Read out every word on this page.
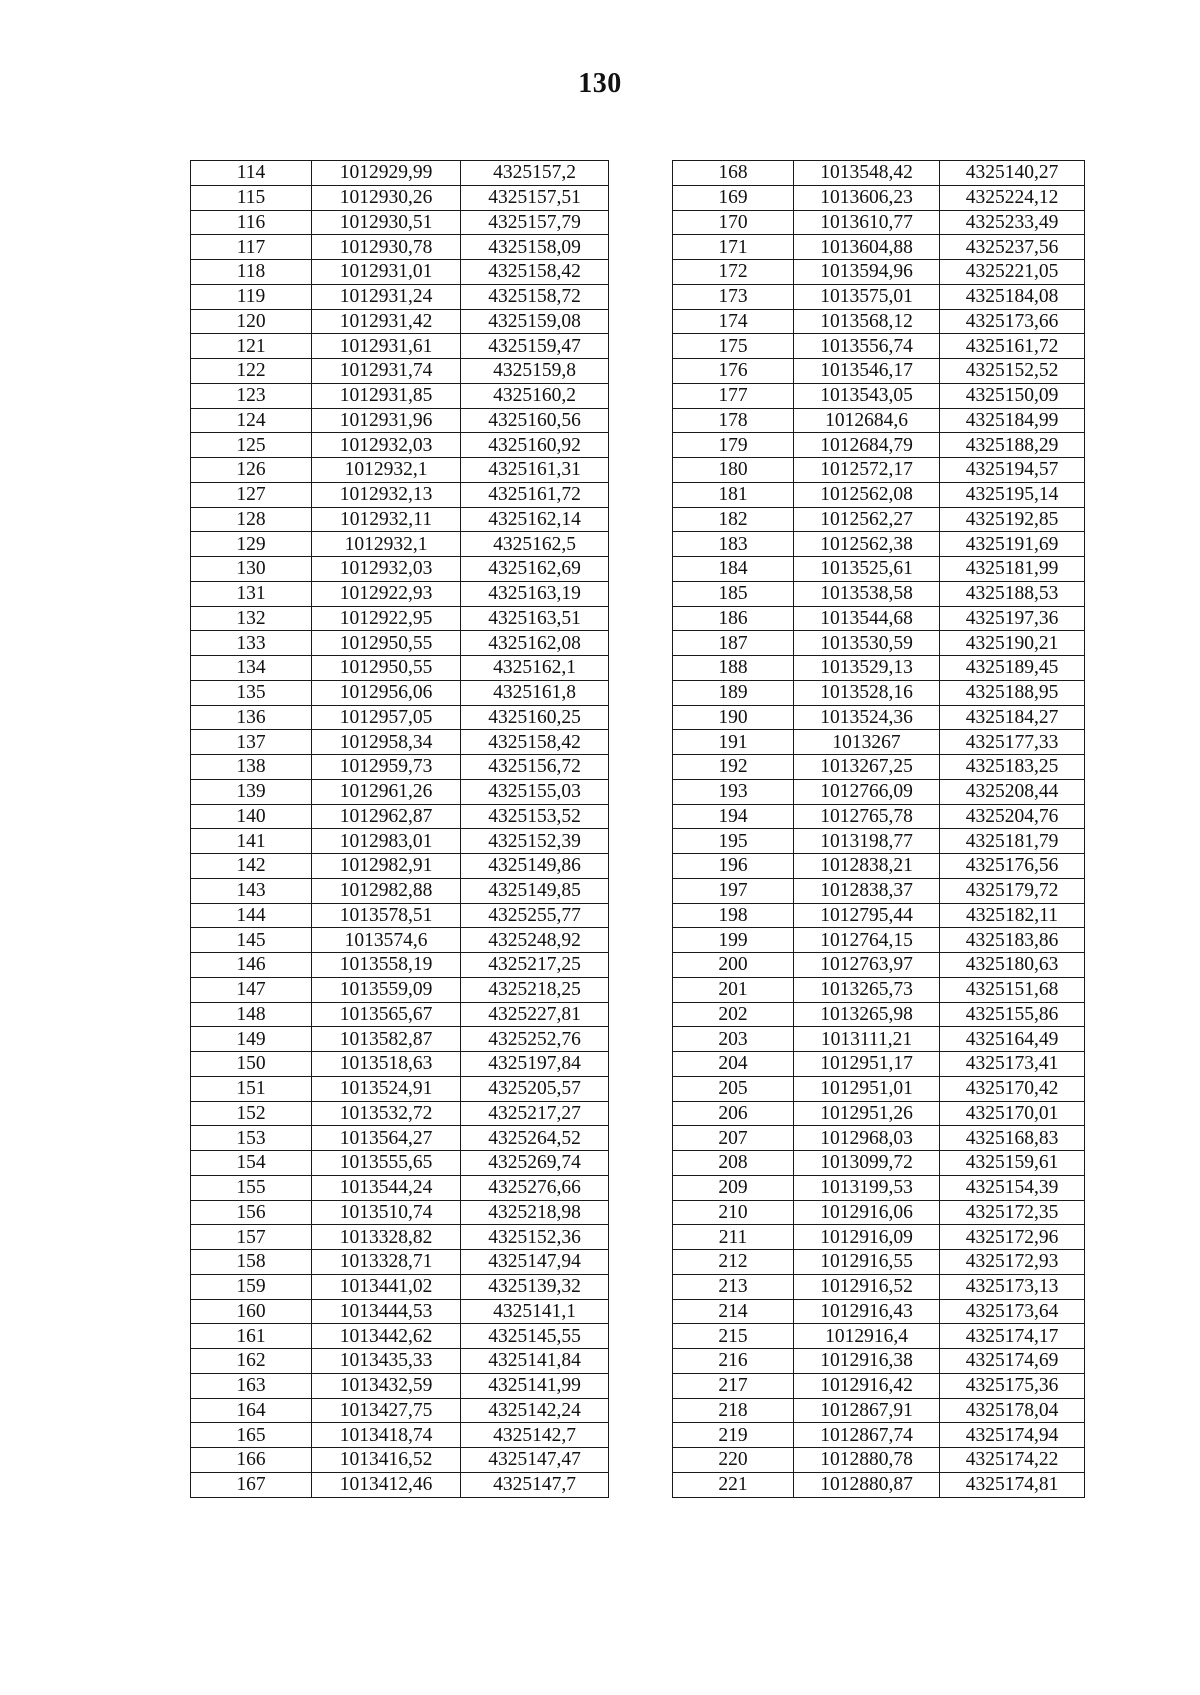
130
114	1012929,99	4325157,2
115	1012930,26	4325157,51
116	1012930,51	4325157,79
117	1012930,78	4325158,09
118	1012931,01	4325158,42
119	1012931,24	4325158,72
120	1012931,42	4325159,08
121	1012931,61	4325159,47
122	1012931,74	4325159,8
123	1012931,85	4325160,2
124	1012931,96	4325160,56
125	1012932,03	4325160,92
126	1012932,1	4325161,31
127	1012932,13	4325161,72
128	1012932,11	4325162,14
129	1012932,1	4325162,5
130	1012932,03	4325162,69
131	1012922,93	4325163,19
132	1012922,95	4325163,51
133	1012950,55	4325162,08
134	1012950,55	4325162,1
135	1012956,06	4325161,8
136	1012957,05	4325160,25
137	1012958,34	4325158,42
138	1012959,73	4325156,72
139	1012961,26	4325155,03
140	1012962,87	4325153,52
141	1012983,01	4325152,39
142	1012982,91	4325149,86
143	1012982,88	4325149,85
144	1013578,51	4325255,77
145	1013574,6	4325248,92
146	1013558,19	4325217,25
147	1013559,09	4325218,25
148	1013565,67	4325227,81
149	1013582,87	4325252,76
150	1013518,63	4325197,84
151	1013524,91	4325205,57
152	1013532,72	4325217,27
153	1013564,27	4325264,52
154	1013555,65	4325269,74
155	1013544,24	4325276,66
156	1013510,74	4325218,98
157	1013328,82	4325152,36
158	1013328,71	4325147,94
159	1013441,02	4325139,32
160	1013444,53	4325141,1
161	1013442,62	4325145,55
162	1013435,33	4325141,84
163	1013432,59	4325141,99
164	1013427,75	4325142,24
165	1013418,74	4325142,7
166	1013416,52	4325147,47
167	1013412,46	4325147,7
168	1013548,42	4325140,27
169	1013606,23	4325224,12
170	1013610,77	4325233,49
171	1013604,88	4325237,56
172	1013594,96	4325221,05
173	1013575,01	4325184,08
174	1013568,12	4325173,66
175	1013556,74	4325161,72
176	1013546,17	4325152,52
177	1013543,05	4325150,09
178	1012684,6	4325184,99
179	1012684,79	4325188,29
180	1012572,17	4325194,57
181	1012562,08	4325195,14
182	1012562,27	4325192,85
183	1012562,38	4325191,69
184	1013525,61	4325181,99
185	1013538,58	4325188,53
186	1013544,68	4325197,36
187	1013530,59	4325190,21
188	1013529,13	4325189,45
189	1013528,16	4325188,95
190	1013524,36	4325184,27
191	1013267	4325177,33
192	1013267,25	4325183,25
193	1012766,09	4325208,44
194	1012765,78	4325204,76
195	1013198,77	4325181,79
196	1012838,21	4325176,56
197	1012838,37	4325179,72
198	1012795,44	4325182,11
199	1012764,15	4325183,86
200	1012763,97	4325180,63
201	1013265,73	4325151,68
202	1013265,98	4325155,86
203	1013111,21	4325164,49
204	1012951,17	4325173,41
205	1012951,01	4325170,42
206	1012951,26	4325170,01
207	1012968,03	4325168,83
208	1013099,72	4325159,61
209	1013199,53	4325154,39
210	1012916,06	4325172,35
211	1012916,09	4325172,96
212	1012916,55	4325172,93
213	1012916,52	4325173,13
214	1012916,43	4325173,64
215	1012916,4	4325174,17
216	1012916,38	4325174,69
217	1012916,42	4325175,36
218	1012867,91	4325178,04
219	1012867,74	4325174,94
220	1012880,78	4325174,22
221	1012880,87	4325174,81
